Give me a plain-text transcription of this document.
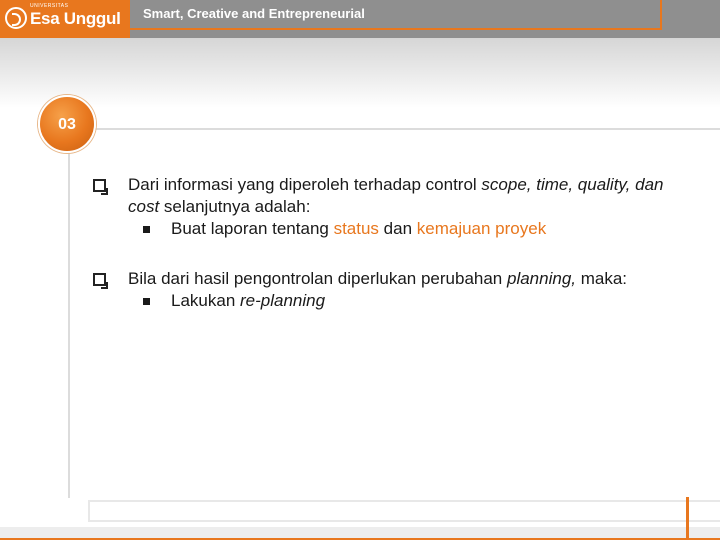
UNIVERSITAS
Esa Unggul Smart, Creative and Entrepreneurial
03
Dari informasi yang diperoleh terhadap control scope, time, quality, dan cost selanjutnya adalah:
Buat laporan tentang status dan kemajuan proyek
Bila dari hasil pengontrolan diperlukan perubahan planning, maka:
Lakukan re-planning
